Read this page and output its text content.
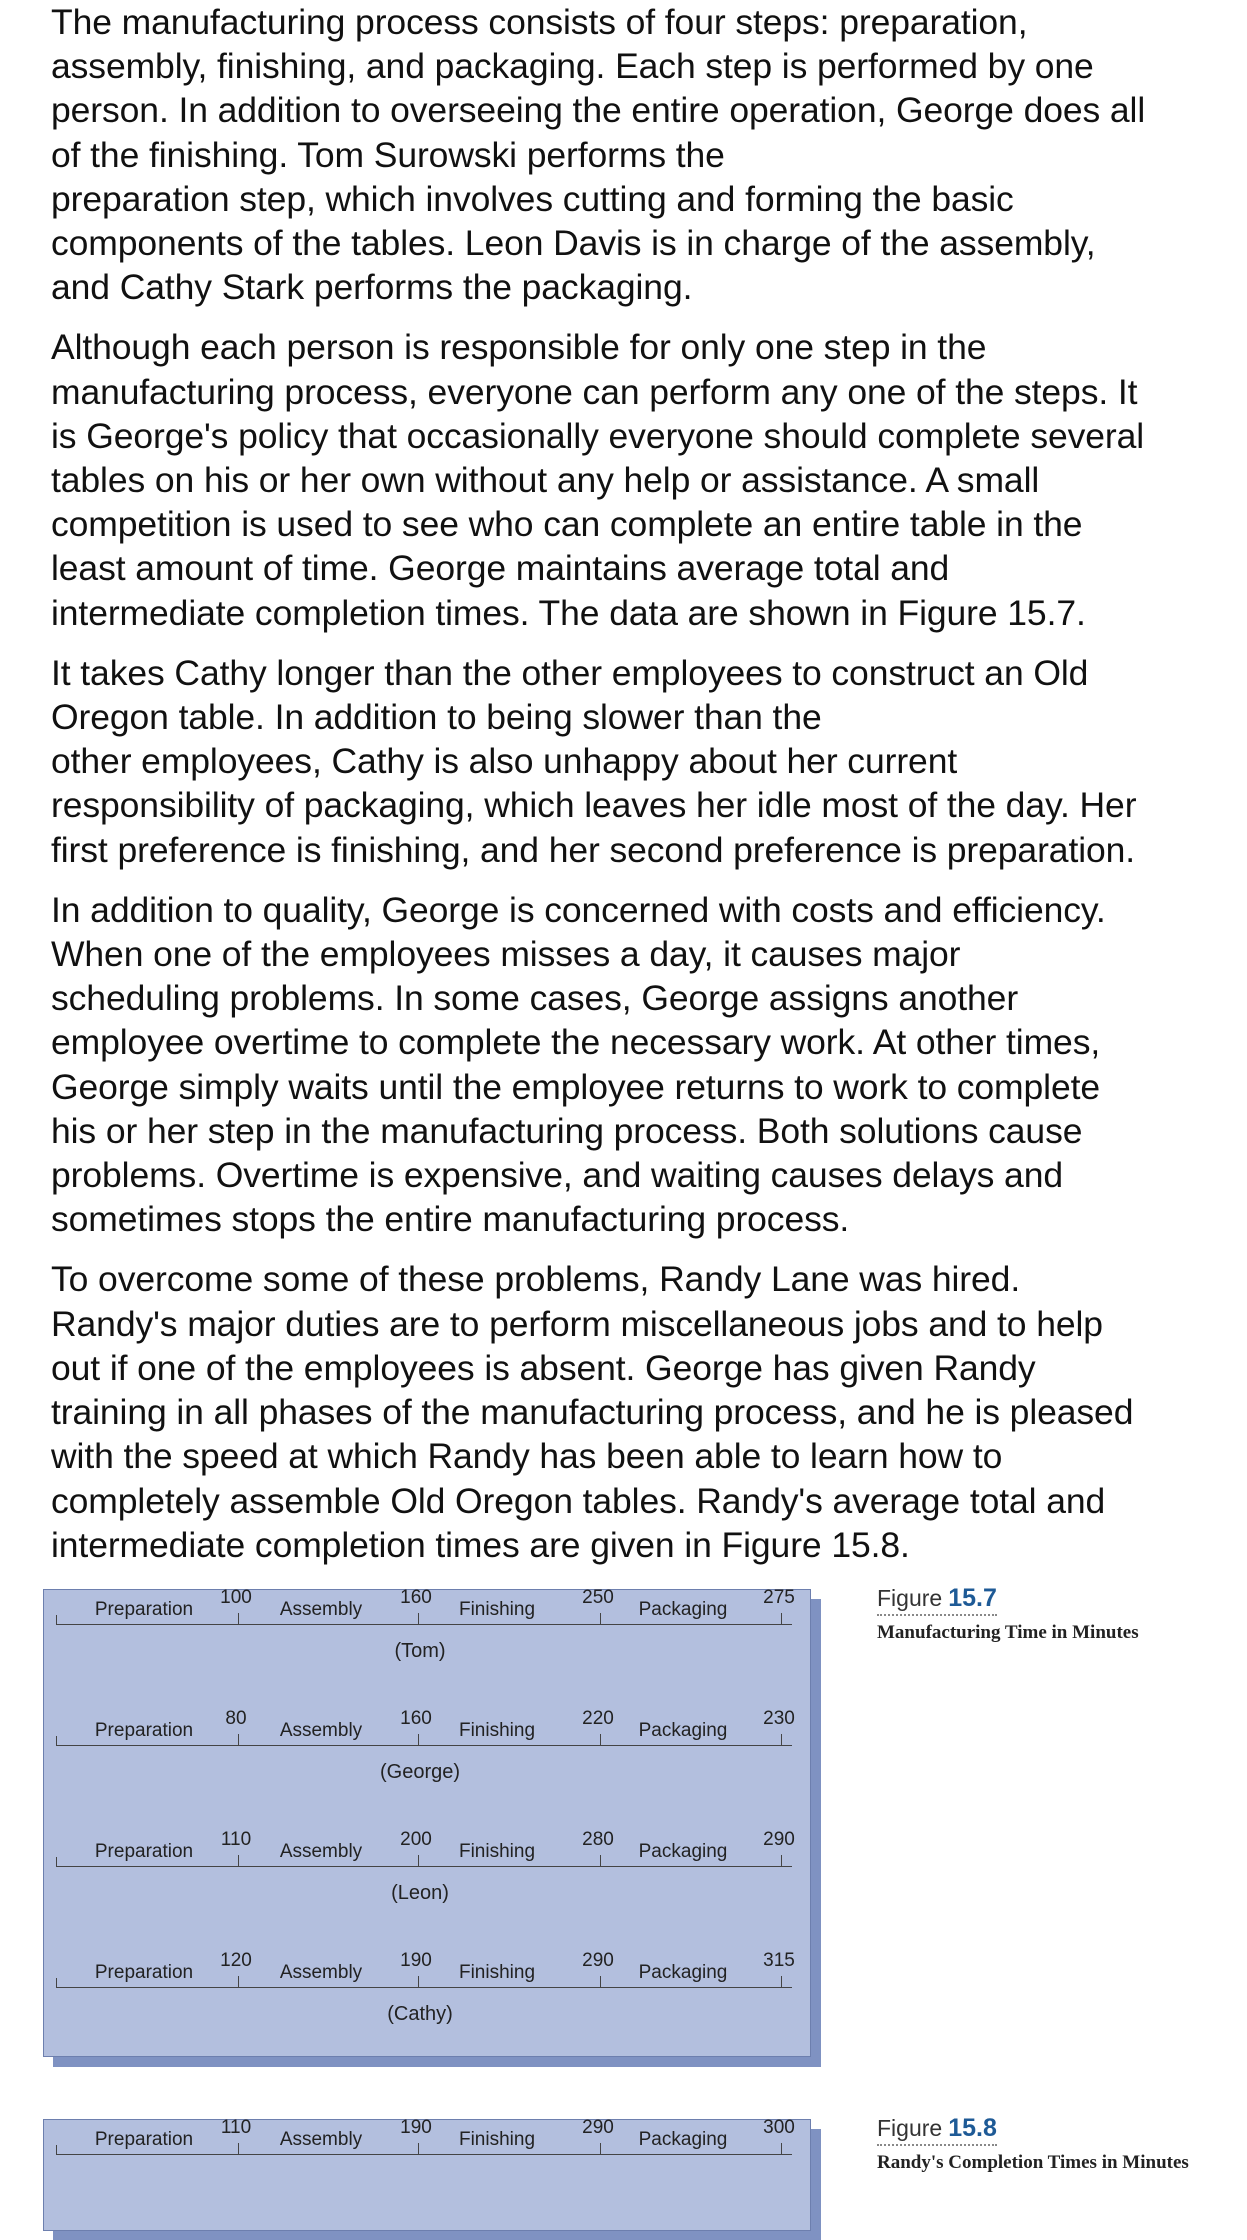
The manufacturing process consists of four steps: preparation,
assembly, finishing, and packaging. Each step is performed by one
person. In addition to overseeing the entire operation, George does all
of the finishing. Tom Surowski performs the
preparation step, which involves cutting and forming the basic
components of the tables. Leon Davis is in charge of the assembly,
and Cathy Stark performs the packaging.

Although each person is responsible for only one step in the
manufacturing process, everyone can perform any one of the steps. It
is George's policy that occasionally everyone should complete several
tables on his or her own without any help or assistance. A small
competition is used to see who can complete an entire table in the
least amount of time. George maintains average total and
intermediate completion times. The data are shown in Figure 15.7.

It takes Cathy longer than the other employees to construct an Old
Oregon table. In addition to being slower than the
other employees, Cathy is also unhappy about her current
responsibility of packaging, which leaves her idle most of the day. Her
first preference is finishing, and her second preference is preparation.

In addition to quality, George is concerned with costs and efficiency.
When one of the employees misses a day, it causes major
scheduling problems. In some cases, George assigns another
employee overtime to complete the necessary work. At other times,
George simply waits until the employee returns to work to complete
his or her step in the manufacturing process. Both solutions cause
problems. Overtime is expensive, and waiting causes delays and
sometimes stops the entire manufacturing process.

To overcome some of these problems, Randy Lane was hired.
Randy's major duties are to perform miscellaneous jobs and to help
out if one of the employees is absent. George has given Randy
training in all phases of the manufacturing process, and he is pleased
with the speed at which Randy has been able to learn how to
completely assemble Old Oregon tables. Randy's average total and
intermediate completion times are given in Figure 15.8.

100	160	250	275
Preparation	Assembly	Finishing	Packaging
(Tom)
80	160	220	230
Preparation	Assembly	Finishing	Packaging
(George)
110	200	280	290
Preparation	Assembly	Finishing	Packaging
(Leon)
120	190	290	315
Preparation	Assembly	Finishing	Packaging
(Cathy)
110	190	290	300
Preparation	Assembly	Finishing	Packaging
Figure 15.7
Manufacturing Time in Minutes
Figure 15.8
Randy's Completion Times in Minutes
